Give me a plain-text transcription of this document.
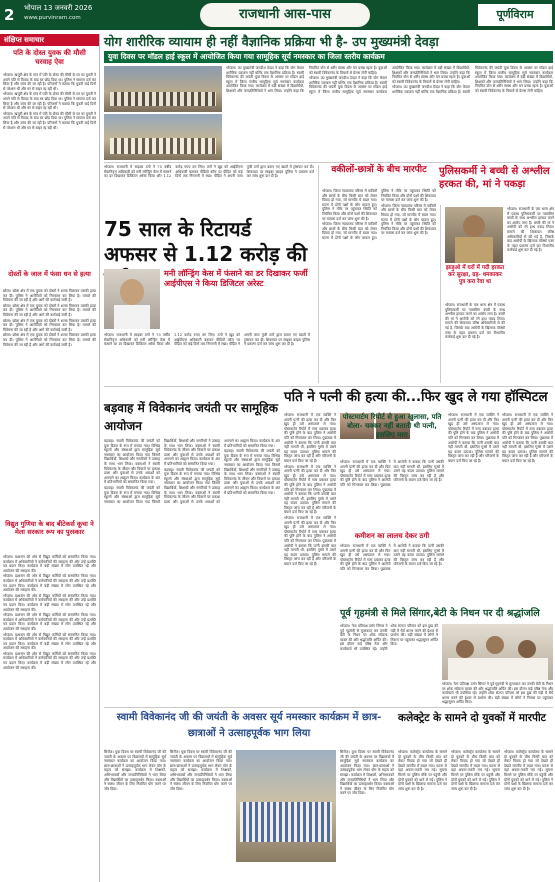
2	भोपाल 13 जनवरी 2026
www.purvinram.com	राजधानी आस-पास	पूर्णविराम
योग शारीरिक व्यायाम ही नहीं वैज्ञानिक प्रक्रिया भी है- उप मुख्यमंत्री देवड़ा
युवा दिवस पर मॉडल हाई स्कूल में आयोजित किया गया सामूहिक सूर्य नमस्कार का जिला स्तरीय कार्यक्रम
संक्षिप्त समाचार
पति के दोस्त युवक की मौसी चरवाह ऐवा

भोपाल। खजुरी क्षेत्र के गांव में पति के दोस्त की मौसी के घर पर युवती ने अपने पति से विवाद के बाद घर छोड़ दिया था। पुलिस ने मामला दर्ज कर लिया है और जांच की जा रही है। परिजनों ने बताया कि युवती कई दिनों से परेशान थी और घर से बाहर रह रही थी।

भोपाल। खजुरी क्षेत्र के गांव में पति के दोस्त की मौसी के घर पर युवती ने अपने पति से विवाद के बाद घर छोड़ दिया था। पुलिस ने मामला दर्ज कर लिया है और जांच की जा रही है। परिजनों ने बताया कि युवती कई दिनों से परेशान थी और घर से बाहर रह रही थी।

भोपाल। खजुरी क्षेत्र के गांव में पति के दोस्त की मौसी के घर पर युवती ने अपने पति से विवाद के बाद घर छोड़ दिया था। पुलिस ने मामला दर्ज कर लिया है और जांच की जा रही है। परिजनों ने बताया कि युवती कई दिनों से परेशान थी और घर से बाहर रह रही थी।

दोस्तों के जाल में फंसा धन से हत्या

छोला। छोला क्षेत्र में एक युवक को दोस्तों ने शराब पिलाकर उसकी हत्या कर दी। पुलिस ने आरोपियों को गिरफ्तार कर लिया है। मामले की विवेचना की जा रही है और आगे की कार्रवाई जारी है।

छोला। छोला क्षेत्र में एक युवक को दोस्तों ने शराब पिलाकर उसकी हत्या कर दी। पुलिस ने आरोपियों को गिरफ्तार कर लिया है। मामले की विवेचना की जा रही है और आगे की कार्रवाई जारी है।

छोला। छोला क्षेत्र में एक युवक को दोस्तों ने शराब पिलाकर उसकी हत्या कर दी। पुलिस ने आरोपियों को गिरफ्तार कर लिया है। मामले की विवेचना की जा रही है और आगे की कार्रवाई जारी है।

छोला। छोला क्षेत्र में एक युवक को दोस्तों ने शराब पिलाकर उसकी हत्या कर दी। पुलिस ने आरोपियों को गिरफ्तार कर लिया है। मामले की विवेचना की जा रही है और आगे की कार्रवाई जारी है।

विद्युत गुणिया के बाद बीटेकर्स कूचा ने मेला सरकार रूप का पुरस्कार

भोपाल। प्रशासन की ओर से विद्युत कर्मियों को सम्मानित किया गया। कार्यक्रम में अधिकारियों ने कर्मचारियों की सराहना की और उन्हें प्रशस्ति पत्र प्रदान किए। कार्यक्रम में बड़ी संख्या में लोग उपस्थित रहे और आयोजन की सराहना की।

भोपाल। प्रशासन की ओर से विद्युत कर्मियों को सम्मानित किया गया। कार्यक्रम में अधिकारियों ने कर्मचारियों की सराहना की और उन्हें प्रशस्ति पत्र प्रदान किए। कार्यक्रम में बड़ी संख्या में लोग उपस्थित रहे और आयोजन की सराहना की।

भोपाल। प्रशासन की ओर से विद्युत कर्मियों को सम्मानित किया गया। कार्यक्रम में अधिकारियों ने कर्मचारियों की सराहना की और उन्हें प्रशस्ति पत्र प्रदान किए। कार्यक्रम में बड़ी संख्या में लोग उपस्थित रहे और आयोजन की सराहना की।

भोपाल। प्रशासन की ओर से विद्युत कर्मियों को सम्मानित किया गया। कार्यक्रम में अधिकारियों ने कर्मचारियों की सराहना की और उन्हें प्रशस्ति पत्र प्रदान किए। कार्यक्रम में बड़ी संख्या में लोग उपस्थित रहे और आयोजन की सराहना की।

भोपाल। प्रशासन की ओर से विद्युत कर्मियों को सम्मानित किया गया। कार्यक्रम में अधिकारियों ने कर्मचारियों की सराहना की और उन्हें प्रशस्ति पत्र प्रदान किए। कार्यक्रम में बड़ी संख्या में लोग उपस्थित रहे और आयोजन की सराहना की।

भोपाल। प्रशासन की ओर से विद्युत कर्मियों को सम्मानित किया गया। कार्यक्रम में अधिकारियों ने कर्मचारियों की सराहना की और उन्हें प्रशस्ति पत्र प्रदान किए। कार्यक्रम में बड़ी संख्या में लोग उपस्थित रहे और आयोजन की सराहना की।

भोपाल। उप मुख्यमंत्री जगदीश देवड़ा ने कहा कि योग केवल शारीरिक व्यायाम नहीं बल्कि एक वैज्ञानिक प्रक्रिया है। स्वामी विवेकानंद की जयंती युवा दिवस के अवसर पर मॉडल हाई स्कूल में जिला स्तरीय सामूहिक सूर्य नमस्कार कार्यक्रम आयोजित किया गया। कार्यक्रम में बड़ी संख्या में विद्यार्थियों, शिक्षकों और जनप्रतिनिधियों ने भाग लिया। उन्होंने कहा कि नियमित योग से शरीर स्वस्थ और मन प्रसन्न रहता है। युवाओं को स्वामी विवेकानंद के विचारों से प्रेरणा लेनी चाहिए।

भोपाल। उप मुख्यमंत्री जगदीश देवड़ा ने कहा कि योग केवल शारीरिक व्यायाम नहीं बल्कि एक वैज्ञानिक प्रक्रिया है। स्वामी विवेकानंद की जयंती युवा दिवस के अवसर पर मॉडल हाई स्कूल में जिला स्तरीय सामूहिक सूर्य नमस्कार कार्यक्रम आयोजित किया गया। कार्यक्रम में बड़ी संख्या में विद्यार्थियों, शिक्षकों और जनप्रतिनिधियों ने भाग लिया। उन्होंने कहा कि नियमित योग से शरीर स्वस्थ और मन प्रसन्न रहता है। युवाओं को स्वामी विवेकानंद के विचारों से प्रेरणा लेनी चाहिए।

भोपाल। उप मुख्यमंत्री जगदीश देवड़ा ने कहा कि योग केवल शारीरिक व्यायाम नहीं बल्कि एक वैज्ञानिक प्रक्रिया है। स्वामी विवेकानंद की जयंती युवा दिवस के अवसर पर मॉडल हाई स्कूल में जिला स्तरीय सामूहिक सूर्य नमस्कार कार्यक्रम आयोजित किया गया। कार्यक्रम में बड़ी संख्या में विद्यार्थियों, शिक्षकों और जनप्रतिनिधियों ने भाग लिया। उन्होंने कहा कि नियमित योग से शरीर स्वस्थ और मन प्रसन्न रहता है। युवाओं को स्वामी विवेकानंद के विचारों से प्रेरणा लेनी चाहिए।

75 साल के रिटायर्ड अफसर से 1.12 करोड़ की
मनी लॉन्ड्रिंग केस में फंसाने का डर दिखाकर फर्जी आईपीएस ने किया डिजिटल अरेस्ट

भोपाल। राजधानी में साइबर ठगों ने 75 वर्षीय सेवानिवृत्त अधिकारी को मनी लॉन्ड्रिंग केस में फंसाने का डर दिखाकर डिजिटल अरेस्ट किया और 1.12 करोड़ रुपए ठग लिए। ठगों ने खुद को आईपीएस अधिकारी बताकर वीडियो कॉल पर पीड़ित को कई दिनों तक निगरानी में रखा। पीड़ित ने अपनी जमा पूंजी ठगों द्वारा बताए गए खातों में ट्रांसफर कर दी। शिकायत पर साइबर क्राइम पुलिस ने प्रकरण दर्ज कर जांच शुरू कर दी है।

भोपाल। राजधानी में साइबर ठगों ने 75 वर्षीय सेवानिवृत्त अधिकारी को मनी लॉन्ड्रिंग केस में फंसाने का डर दिखाकर डिजिटल अरेस्ट किया और 1.12 करोड़ रुपए ठग लिए। ठगों ने खुद को आईपीएस अधिकारी बताकर वीडियो कॉल पर पीड़ित को कई दिनों तक निगरानी में रखा। पीड़ित ने अपनी जमा पूंजी ठगों द्वारा बताए गए खातों में ट्रांसफर कर दी। शिकायत पर साइबर क्राइम पुलिस ने प्रकरण दर्ज कर जांच शुरू कर दी है।

वकीलों-छात्रों के बीच मारपीट

भोपाल। जिला न्यायालय परिसर में वकीलों और छात्रों के बीच किसी बात को लेकर विवाद हो गया, जो मारपीट में बदल गया। घटना में दोनों पक्षों के लोग घायल हुए। पुलिस ने मौके पर पहुंचकर स्थिति को नियंत्रित किया और दोनों पक्षों की शिकायत पर मामला दर्ज कर जांच शुरू की है।

भोपाल। जिला न्यायालय परिसर में वकीलों और छात्रों के बीच किसी बात को लेकर विवाद हो गया, जो मारपीट में बदल गया। घटना में दोनों पक्षों के लोग घायल हुए। पुलिस ने मौके पर पहुंचकर स्थिति को नियंत्रित किया और दोनों पक्षों की शिकायत पर मामला दर्ज कर जांच शुरू की है।

भोपाल। जिला न्यायालय परिसर में वकीलों और छात्रों के बीच किसी बात को लेकर विवाद हो गया, जो मारपीट में बदल गया। घटना में दोनों पक्षों के लोग घायल हुए। पुलिस ने मौके पर पहुंचकर स्थिति को नियंत्रित किया और दोनों पक्षों की शिकायत पर मामला दर्ज कर जांच शुरू की है।

पुलिसकर्मी ने बच्ची से अश्लील हरकत की, मां ने पकड़ा
झाड़ुओ में घरों में गदी हरकत कर सुरक्षा, ग्रह- धमकाकर पुत्र करा रेवा था

भोपाल। राजधानी के एक थाना क्षेत्र में पदस्थ पुलिसकर्मी पर नाबालिग बच्ची के साथ अश्लील हरकत करने का आरोप लगा है। बच्ची की मां ने आरोपी को रंगे हाथ पकड़ लिया। मामले की शिकायत वरिष्ठ अधिकारियों से की गई है, जिसके बाद आरोपी के खिलाफ पॉक्सो एक्ट के तहत प्रकरण दर्ज कर विभागीय कार्रवाई शुरू कर दी गई है।

भोपाल। राजधानी के एक थाना क्षेत्र में पदस्थ पुलिसकर्मी पर नाबालिग बच्ची के साथ अश्लील हरकत करने का आरोप लगा है। बच्ची की मां ने आरोपी को रंगे हाथ पकड़ लिया। मामले की शिकायत वरिष्ठ अधिकारियों से की गई है, जिसके बाद आरोपी के खिलाफ पॉक्सो एक्ट के तहत प्रकरण दर्ज कर विभागीय कार्रवाई शुरू कर दी गई है।

बड़वाह में विवेकानंद जयंती पर सामूहिक आयोजन

बड़वाह। स्वामी विवेकानंद की जयंती को युवा दिवस के रूप में मनाया गया। विभिन्न स्कूलों और संस्थाओं द्वारा सामूहिक सूर्य नमस्कार का आयोजन किया गया जिसमें विद्यार्थियों, शिक्षकों और नागरिकों ने उत्साह के साथ भाग लिया। वक्ताओं ने स्वामी विवेकानंद के जीवन और विचारों पर प्रकाश डाला और युवाओं से उनके आदर्शों को अपनाने का आह्वान किया। कार्यक्रम के अंत में प्रतिभागियों को सम्मानित किया गया।

बड़वाह। स्वामी विवेकानंद की जयंती को युवा दिवस के रूप में मनाया गया। विभिन्न स्कूलों और संस्थाओं द्वारा सामूहिक सूर्य नमस्कार का आयोजन किया गया जिसमें विद्यार्थियों, शिक्षकों और नागरिकों ने उत्साह के साथ भाग लिया। वक्ताओं ने स्वामी विवेकानंद के जीवन और विचारों पर प्रकाश डाला और युवाओं से उनके आदर्शों को अपनाने का आह्वान किया। कार्यक्रम के अंत में प्रतिभागियों को सम्मानित किया गया।

बड़वाह। स्वामी विवेकानंद की जयंती को युवा दिवस के रूप में मनाया गया। विभिन्न स्कूलों और संस्थाओं द्वारा सामूहिक सूर्य नमस्कार का आयोजन किया गया जिसमें विद्यार्थियों, शिक्षकों और नागरिकों ने उत्साह के साथ भाग लिया। वक्ताओं ने स्वामी विवेकानंद के जीवन और विचारों पर प्रकाश डाला और युवाओं से उनके आदर्शों को अपनाने का आह्वान किया। कार्यक्रम के अंत में प्रतिभागियों को सम्मानित किया गया।

बड़वाह। स्वामी विवेकानंद की जयंती को युवा दिवस के रूप में मनाया गया। विभिन्न स्कूलों और संस्थाओं द्वारा सामूहिक सूर्य नमस्कार का आयोजन किया गया जिसमें विद्यार्थियों, शिक्षकों और नागरिकों ने उत्साह के साथ भाग लिया। वक्ताओं ने स्वामी विवेकानंद के जीवन और विचारों पर प्रकाश डाला और युवाओं से उनके आदर्शों को अपनाने का आह्वान किया। कार्यक्रम के अंत में प्रतिभागियों को सम्मानित किया गया।

पति ने पत्नी की हत्या की...फिर खुद ले गया हॉस्पिटल

भोपाल। राजधानी में एक व्यक्ति ने अपनी पत्नी की हत्या कर दी और फिर खुद ही उसे अस्पताल ले गया। पोस्टमार्टम रिपोर्ट में गला दबाकर हत्या की पुष्टि होने के बाद पुलिस ने आरोपी पति को गिरफ्तार कर लिया। पूछताछ में आरोपी ने बताया कि पत्नी उसकी बात नहीं मानती थी, इसलिए गुस्से में उसने यह कदम उठाया। पुलिस मामले की विस्तृत जांच कर रही है और परिजनों के बयान दर्ज किए जा रहे हैं।

भोपाल। राजधानी में एक व्यक्ति ने अपनी पत्नी की हत्या कर दी और फिर खुद ही उसे अस्पताल ले गया। पोस्टमार्टम रिपोर्ट में गला दबाकर हत्या की पुष्टि होने के बाद पुलिस ने आरोपी पति को गिरफ्तार कर लिया। पूछताछ में आरोपी ने बताया कि पत्नी उसकी बात नहीं मानती थी, इसलिए गुस्से में उसने यह कदम उठाया। पुलिस मामले की विस्तृत जांच कर रही है और परिजनों के बयान दर्ज किए जा रहे हैं।

भोपाल। राजधानी में एक व्यक्ति ने अपनी पत्नी की हत्या कर दी और फिर खुद ही उसे अस्पताल ले गया। पोस्टमार्टम रिपोर्ट में गला दबाकर हत्या की पुष्टि होने के बाद पुलिस ने आरोपी पति को गिरफ्तार कर लिया। पूछताछ में आरोपी ने बताया कि पत्नी उसकी बात नहीं मानती थी, इसलिए गुस्से में उसने यह कदम उठाया। पुलिस मामले की विस्तृत जांच कर रही है और परिजनों के बयान दर्ज किए जा रहे हैं।

पोस्टमार्टम रिपोर्ट से हुआ खुलासा, पति बोला- चक्कर नहीं बताती थी पत्नी, इसलिए मारा

भोपाल। राजधानी में एक व्यक्ति ने अपनी पत्नी की हत्या कर दी और फिर खुद ही उसे अस्पताल ले गया। पोस्टमार्टम रिपोर्ट में गला दबाकर हत्या की पुष्टि होने के बाद पुलिस ने आरोपी पति को गिरफ्तार कर लिया। पूछताछ में आरोपी ने बताया कि पत्नी उसकी बात नहीं मानती थी, इसलिए गुस्से में उसने यह कदम उठाया। पुलिस मामले की विस्तृत जांच कर रही है और परिजनों के बयान दर्ज किए जा रहे हैं।

भोपाल। राजधानी में एक व्यक्ति ने अपनी पत्नी की हत्या कर दी और फिर खुद ही उसे अस्पताल ले गया। पोस्टमार्टम रिपोर्ट में गला दबाकर हत्या की पुष्टि होने के बाद पुलिस ने आरोपी पति को गिरफ्तार कर लिया। पूछताछ में आरोपी ने बताया कि पत्नी उसकी बात नहीं मानती थी, इसलिए गुस्से में उसने यह कदम उठाया। पुलिस मामले की विस्तृत जांच कर रही है और परिजनों के बयान दर्ज किए जा रहे हैं।

भोपाल। राजधानी में एक व्यक्ति ने अपनी पत्नी की हत्या कर दी और फिर खुद ही उसे अस्पताल ले गया। पोस्टमार्टम रिपोर्ट में गला दबाकर हत्या की पुष्टि होने के बाद पुलिस ने आरोपी पति को गिरफ्तार कर लिया। पूछताछ में आरोपी ने बताया कि पत्नी उसकी बात नहीं मानती थी, इसलिए गुस्से में उसने यह कदम उठाया। पुलिस मामले की विस्तृत जांच कर रही है और परिजनों के बयान दर्ज किए जा रहे हैं।

कमीशन का लालच देकर ठगी

भोपाल। राजधानी में एक व्यक्ति ने अपनी पत्नी की हत्या कर दी और फिर खुद ही उसे अस्पताल ले गया। पोस्टमार्टम रिपोर्ट में गला दबाकर हत्या की पुष्टि होने के बाद पुलिस ने आरोपी पति को गिरफ्तार कर लिया। पूछताछ में आरोपी ने बताया कि पत्नी उसकी बात नहीं मानती थी, इसलिए गुस्से में उसने यह कदम उठाया। पुलिस मामले की विस्तृत जांच कर रही है और परिजनों के बयान दर्ज किए जा रहे हैं।

पूर्व गृहमंत्री से मिले सिंगार,बेटी के निधन पर दी श्रद्धांजलि

भोपाल। नेता प्रतिपक्ष उमंग सिंगार ने पूर्व गृहमंत्री से मुलाकात कर उनकी बेटी के निधन पर शोक संवेदना व्यक्त की और श्रद्धांजलि अर्पित की। इस दौरान कई वरिष्ठ नेता और कार्यकर्ता भी उपस्थित रहे। उन्होंने शोक संतप्त परिवार को इस दुख की घड़ी में धैर्य धारण करने की ईश्वर से प्रार्थना की। बड़ी संख्या में लोगों ने निवास पर पहुंचकर श्रद्धासुमन अर्पित किए।

भोपाल। नेता प्रतिपक्ष उमंग सिंगार ने पूर्व गृहमंत्री से मुलाकात कर उनकी बेटी के निधन पर शोक संवेदना व्यक्त की और श्रद्धांजलि अर्पित की। इस दौरान कई वरिष्ठ नेता और कार्यकर्ता भी उपस्थित रहे। उन्होंने शोक संतप्त परिवार को इस दुख की घड़ी में धैर्य धारण करने की ईश्वर से प्रार्थना की। बड़ी संख्या में लोगों ने निवास पर पहुंचकर श्रद्धासुमन अर्पित किए।

स्वामी विवेकानंद जी की जयंती के अवसर सूर्य नमस्कार कार्यक्रम में छात्र-छात्राओं ने उत्साहपूर्वक भाग लिया

सिरोंज। युवा दिवस पर स्वामी विवेकानंद जी की जयंती के अवसर पर विद्यालयों में सामूहिक सूर्य नमस्कार कार्यक्रम का आयोजन किया गया। छात्र-छात्राओं ने उत्साहपूर्वक भाग लेकर योग के महत्व को समझा। कार्यक्रम में शिक्षकों, अभिभावकों और जनप्रतिनिधियों ने भाग लिया और विद्यार्थियों का उत्साहवर्धन किया। वक्ताओं ने स्वस्थ जीवन के लिए नियमित योग करने पर जोर दिया।

सिरोंज। युवा दिवस पर स्वामी विवेकानंद जी की जयंती के अवसर पर विद्यालयों में सामूहिक सूर्य नमस्कार कार्यक्रम का आयोजन किया गया। छात्र-छात्राओं ने उत्साहपूर्वक भाग लेकर योग के महत्व को समझा। कार्यक्रम में शिक्षकों, अभिभावकों और जनप्रतिनिधियों ने भाग लिया और विद्यार्थियों का उत्साहवर्धन किया। वक्ताओं ने स्वस्थ जीवन के लिए नियमित योग करने पर जोर दिया।

सिरोंज। युवा दिवस पर स्वामी विवेकानंद जी की जयंती के अवसर पर विद्यालयों में सामूहिक सूर्य नमस्कार कार्यक्रम का आयोजन किया गया। छात्र-छात्राओं ने उत्साहपूर्वक भाग लेकर योग के महत्व को समझा। कार्यक्रम में शिक्षकों, अभिभावकों और जनप्रतिनिधियों ने भाग लिया और विद्यार्थियों का उत्साहवर्धन किया। वक्ताओं ने स्वस्थ जीवन के लिए नियमित योग करने पर जोर दिया।

कलेक्ट्रेट के सामने दो युवकों में मारपीट

भोपाल। कलेक्ट्रेट कार्यालय के सामने दो युवकों के बीच किसी बात को लेकर विवाद हो गया जो देखते ही देखते मारपीट में बदल गया। घटना से वहां अफरा-तफरी मच गई। सूचना मिलने पर पुलिस मौके पर पहुंची और दोनों युवकों को थाने ले गई। पुलिस ने दोनों पक्षों के खिलाफ मामला दर्ज कर जांच शुरू कर दी है।

भोपाल। कलेक्ट्रेट कार्यालय के सामने दो युवकों के बीच किसी बात को लेकर विवाद हो गया जो देखते ही देखते मारपीट में बदल गया। घटना से वहां अफरा-तफरी मच गई। सूचना मिलने पर पुलिस मौके पर पहुंची और दोनों युवकों को थाने ले गई। पुलिस ने दोनों पक्षों के खिलाफ मामला दर्ज कर जांच शुरू कर दी है।

भोपाल। कलेक्ट्रेट कार्यालय के सामने दो युवकों के बीच किसी बात को लेकर विवाद हो गया जो देखते ही देखते मारपीट में बदल गया। घटना से वहां अफरा-तफरी मच गई। सूचना मिलने पर पुलिस मौके पर पहुंची और दोनों युवकों को थाने ले गई। पुलिस ने दोनों पक्षों के खिलाफ मामला दर्ज कर जांच शुरू कर दी है।
